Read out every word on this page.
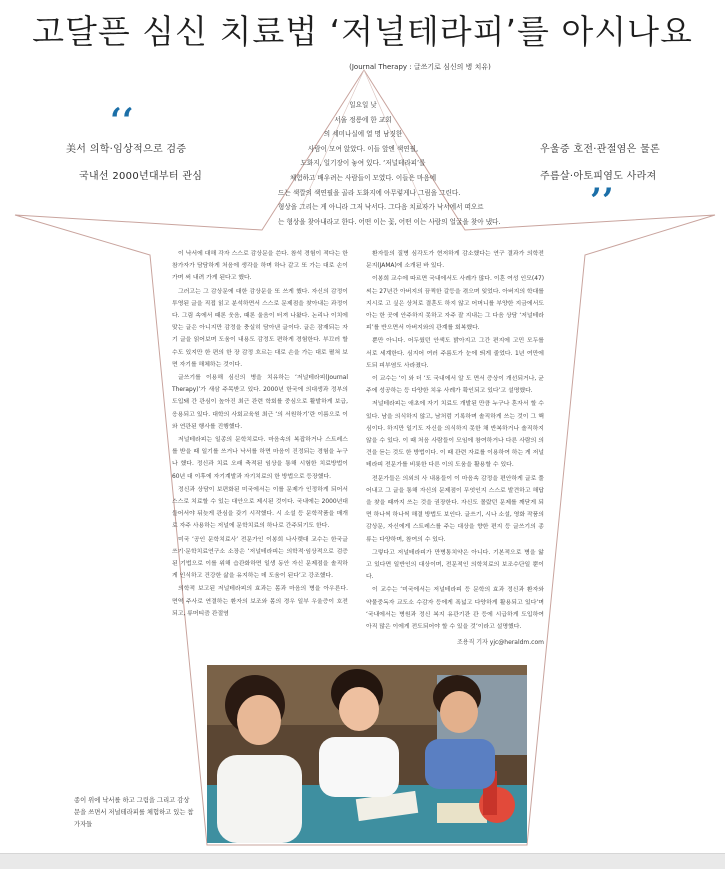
고달픈 심신 치료법 ‘저널테라피’를 아시나요
(Journal Therapy : 글쓰기로 심신의 병 치유)
‘‘
美서 의학·임상적으로 검증
국내선 2000년대부터 관심
우울증 호전·관절염은 물론
주름살·아토피염도 사라져
’’
일요일 낮
서울 정릉에 한 교회
의 세미나실에 열 명 남짓한
사람이 모여 앉았다. 이들 앞엔 색연필,
도화지, 일기장이 놓여 있다. ‘저널테라피’를
체험하고 배우려는 사람들이 모였다. 이들은 마음에
드는 색깔의 색연필을 골라 도화지에 아무렇게나 그림을 그린다.
형상을 그리는 게 아니라 그저 낙서다. 그다음 치료자가 낙서에서 떠오르
는 형상을 찾아내라고 한다. 어떤 이는 꽃, 어떤 이는 사람의 얼굴을 찾아 냈다.

이 낙서에 대해 각자 스스로 감상문을 쓴다. 참석 경험이 적다는 한 참가자가 담담하게 처음에 생각을 하며 하나 같고 또 가는 대로 손이 가며 써 내려 가게 된다고 했다.

그러고는 그 감상문에 대한 감상문을 또 쓰게 했다. 자신의 감정이 투영된 글을 직접 읽고 분석하면서 스스로 문제점을 찾아내는 과정이다. 그림 속에서 때론 웃음, 때론 울음이 터져 나왔다. 논리나 이치에 맞는 글은 아니지만 감정을 충실히 담아낸 글이다. 글은 잠재되는 자기 글을 읽어보며 도움이 내용도 감정도 편하게 경험한다. 부끄러 할 수도 있지만 한 편의 한 장 감정 흐르는 대로 손을 가는 대로 펼쳐 보면 자기를 해체하는 것이다.

글쓰기를 이용해 심신의 병을 치유하는 ‘저널테라피(Journal Therapy)’가 새삼 주목받고 있다. 2000년 한국에 의대생과 정부의 도입돼 간 관심이 높아진 최근 관련 학회를 중심으로 활발하게 보급, 응용되고 있다. 대학의 사회교육원 최근 ‘의 서원하기’란 이름으로 이와 연관된 행사를 진행했다.

저널테라피는 일종의 문학치료다. 마음속의 복잡하거나 스트레스를 받을 때 일기를 쓰거나 낙서를 하면 마음이 진정되는 경험을 누구나 했다. 정신과 치료 오래 축적된 임상을 통해 시험한 치료방법이 60년 대 이후에 자기계발과 자기치료의 한 방법으로 등장했다.

정신과 상담이 보편화된 미국에서는 이를 문제가 인정하게 되어서 스스로 치료할 수 있는 대안으로 제시된 것이다. 국내에는 2000년대 들어서야 뒤늦게 관심을 갖기 시작했다. 시 소설 등 문학작품을 매개로 자주 사용하는 저널에 문학치료의 하나로 간주되기도 한다.

미국 ‘공인 문학치료사’ 전문가인 이봉희 나사렛대 교수는 한국글쓰기·문학치료연구소 소장은 ‘저널테라피는 의학적·임상적으로 검증된 기법으로 이를 위해 습관화하면 일생 동안 자신 문제점을 솔직하게 인식하고 건강한 삶을 유지하는 데 도움이 된다’고 강조했다.

의학적 보고된 저널테라피의 효과는 몸과 마음의 병을 아우른다. 면역 주사로 연결하는 환자의 보조와 몸의 경우 일부 우울증이 호전되고, 류머티즘 관절염

환자들의 질병 심각도가 현저하게 감소했다는 연구 결과가 의학전문지(JAMA)에 소개된 바 있다.

이봉희 교수에 따르면 국내에서도 사례가 많다. 이혼 여성 인모(47)씨는 27년간 아버지의 끔찍한 갈등을 겪으며 잊었다. 아버지의 학대를 지시로 고 싶은 상처로 결혼도 하지 않고 어머니를 부양한 지금에서도 아는 한 곳에 안주하지 못하고 자주 잘 지내는 그 다음 상담 ‘저널테라피’를 반으면서 아버지와의 관계를 회복했다.

뿐만 아니다. 어두웠던 안색도 밝아지고 그간 편지에 고민 모두를 서로 세계한다. 심지어 여러 주름도가 눈에 띄게 줄었다. 1년 여만에 도되 피부염도 사라졌다.

이 교수는 ‘이 와 더 ‘도 국내에서 알 도 면서 증상이 개선되거나, 균주에 성공하는 등 다양한 치유 사례가 확인되고 있다’고 설명했다.

저널테라피는 애초에 자기 치료도 개발된 만큼 누구나 혼자서 할 수 있다. 남을 의식하지 않고, 남처럼 기록하며 솔직하게 쓰는 것이 그 핵심이다. 하지만 일기도 자신을 의식하지 못한 채 반복하거나 솔직하지 않을 수 있다. 이 때 처음 사람들이 모임에 참여하거나 다른 사람의 의견을 듣는 것도 한 방법이다. 이 때 관련 자료를 이용하여 하는 게 저널테라피 전문가를 비롯한 다른 이의 도움을 활용할 수 있다.

전문가들은 의외의 사 내용들이 이 마음속 감정을 편안하게 글로 풀어내고 그 글을 통해 자신의 문제점이 무엇인지 스스로 발견하고 해답을 찾을 때까지 쓰는 것을 권장한다. 자신도 몰랐던 문제를 깨닫게 되면 하나씩 하나씩 해결 방법도 보인다. 글쓰기, 시나 소설, 영화 작품의 감상문, 자신에게 스트레스를 주는 대상을 향한 편지 등 글쓰기의 종류는 다양하며, 참여의 수 있다.

그렇다고 저널테라피가 만병통치약은 아니다. 기본적으로 병을 앓고 있다면 일반인의 대상이며, 전문적인 의학치료의 보조수단일 뿐이다.

이 교수는 ‘미국에서는 저널테라피 등 문학의 효과 정신과 환자와 약물중독자 교도소 수감자 등에게 폭넓고 다양하게 활용되고 있다’며 ‘국내에서는 병원과 정신 복지 유관기관 관 등에 시급하게 도입하여 아직 많은 이에게 전도되어야 할 수 있을 것’이라고 설명했다.

조용직 기자 yjc@heraldm.com
종이 위에 낙서를 하고 그림을 그리고 감상문을 쓰면서 저널테라피를 체험하고 있는 참가자들
